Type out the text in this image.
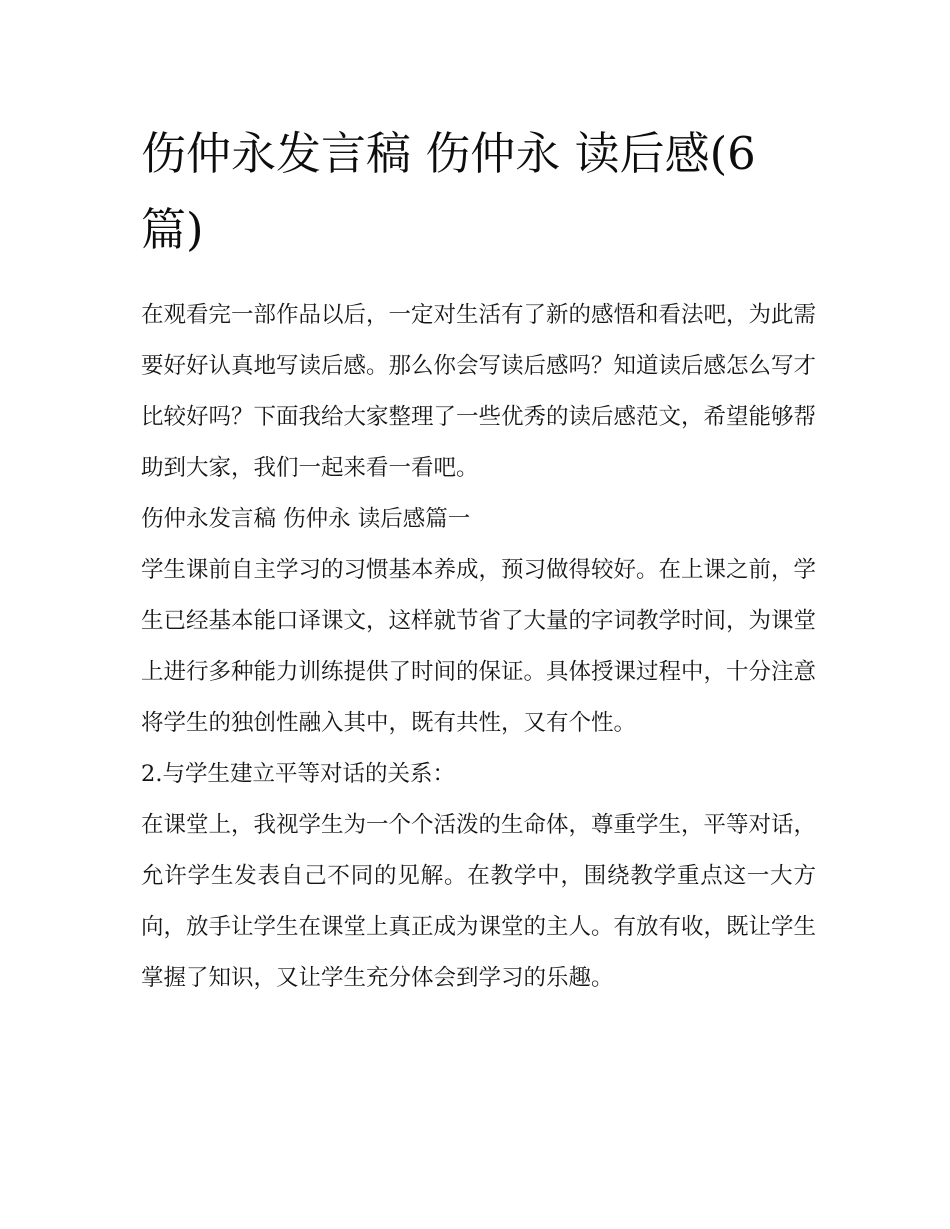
伤仲永发言稿 伤仲永 读后感(6篇)

在观看完一部作品以后，一定对生活有了新的感悟和看法吧，为此需要好好认真地写读后感。那么你会写读后感吗？知道读后感怎么写才比较好吗？下面我给大家整理了一些优秀的读后感范文，希望能够帮助到大家，我们一起来看一看吧。

伤仲永发言稿 伤仲永 读后感篇一

学生课前自主学习的习惯基本养成，预习做得较好。在上课之前，学生已经基本能口译课文，这样就节省了大量的字词教学时间，为课堂上进行多种能力训练提供了时间的保证。具体授课过程中，十分注意将学生的独创性融入其中，既有共性，又有个性。

2.与学生建立平等对话的关系：

在课堂上，我视学生为一个个活泼的生命体，尊重学生，平等对话，允许学生发表自己不同的见解。在教学中，围绕教学重点这一大方向，放手让学生在课堂上真正成为课堂的主人。有放有收，既让学生掌握了知识，又让学生充分体会到学习的乐趣。
